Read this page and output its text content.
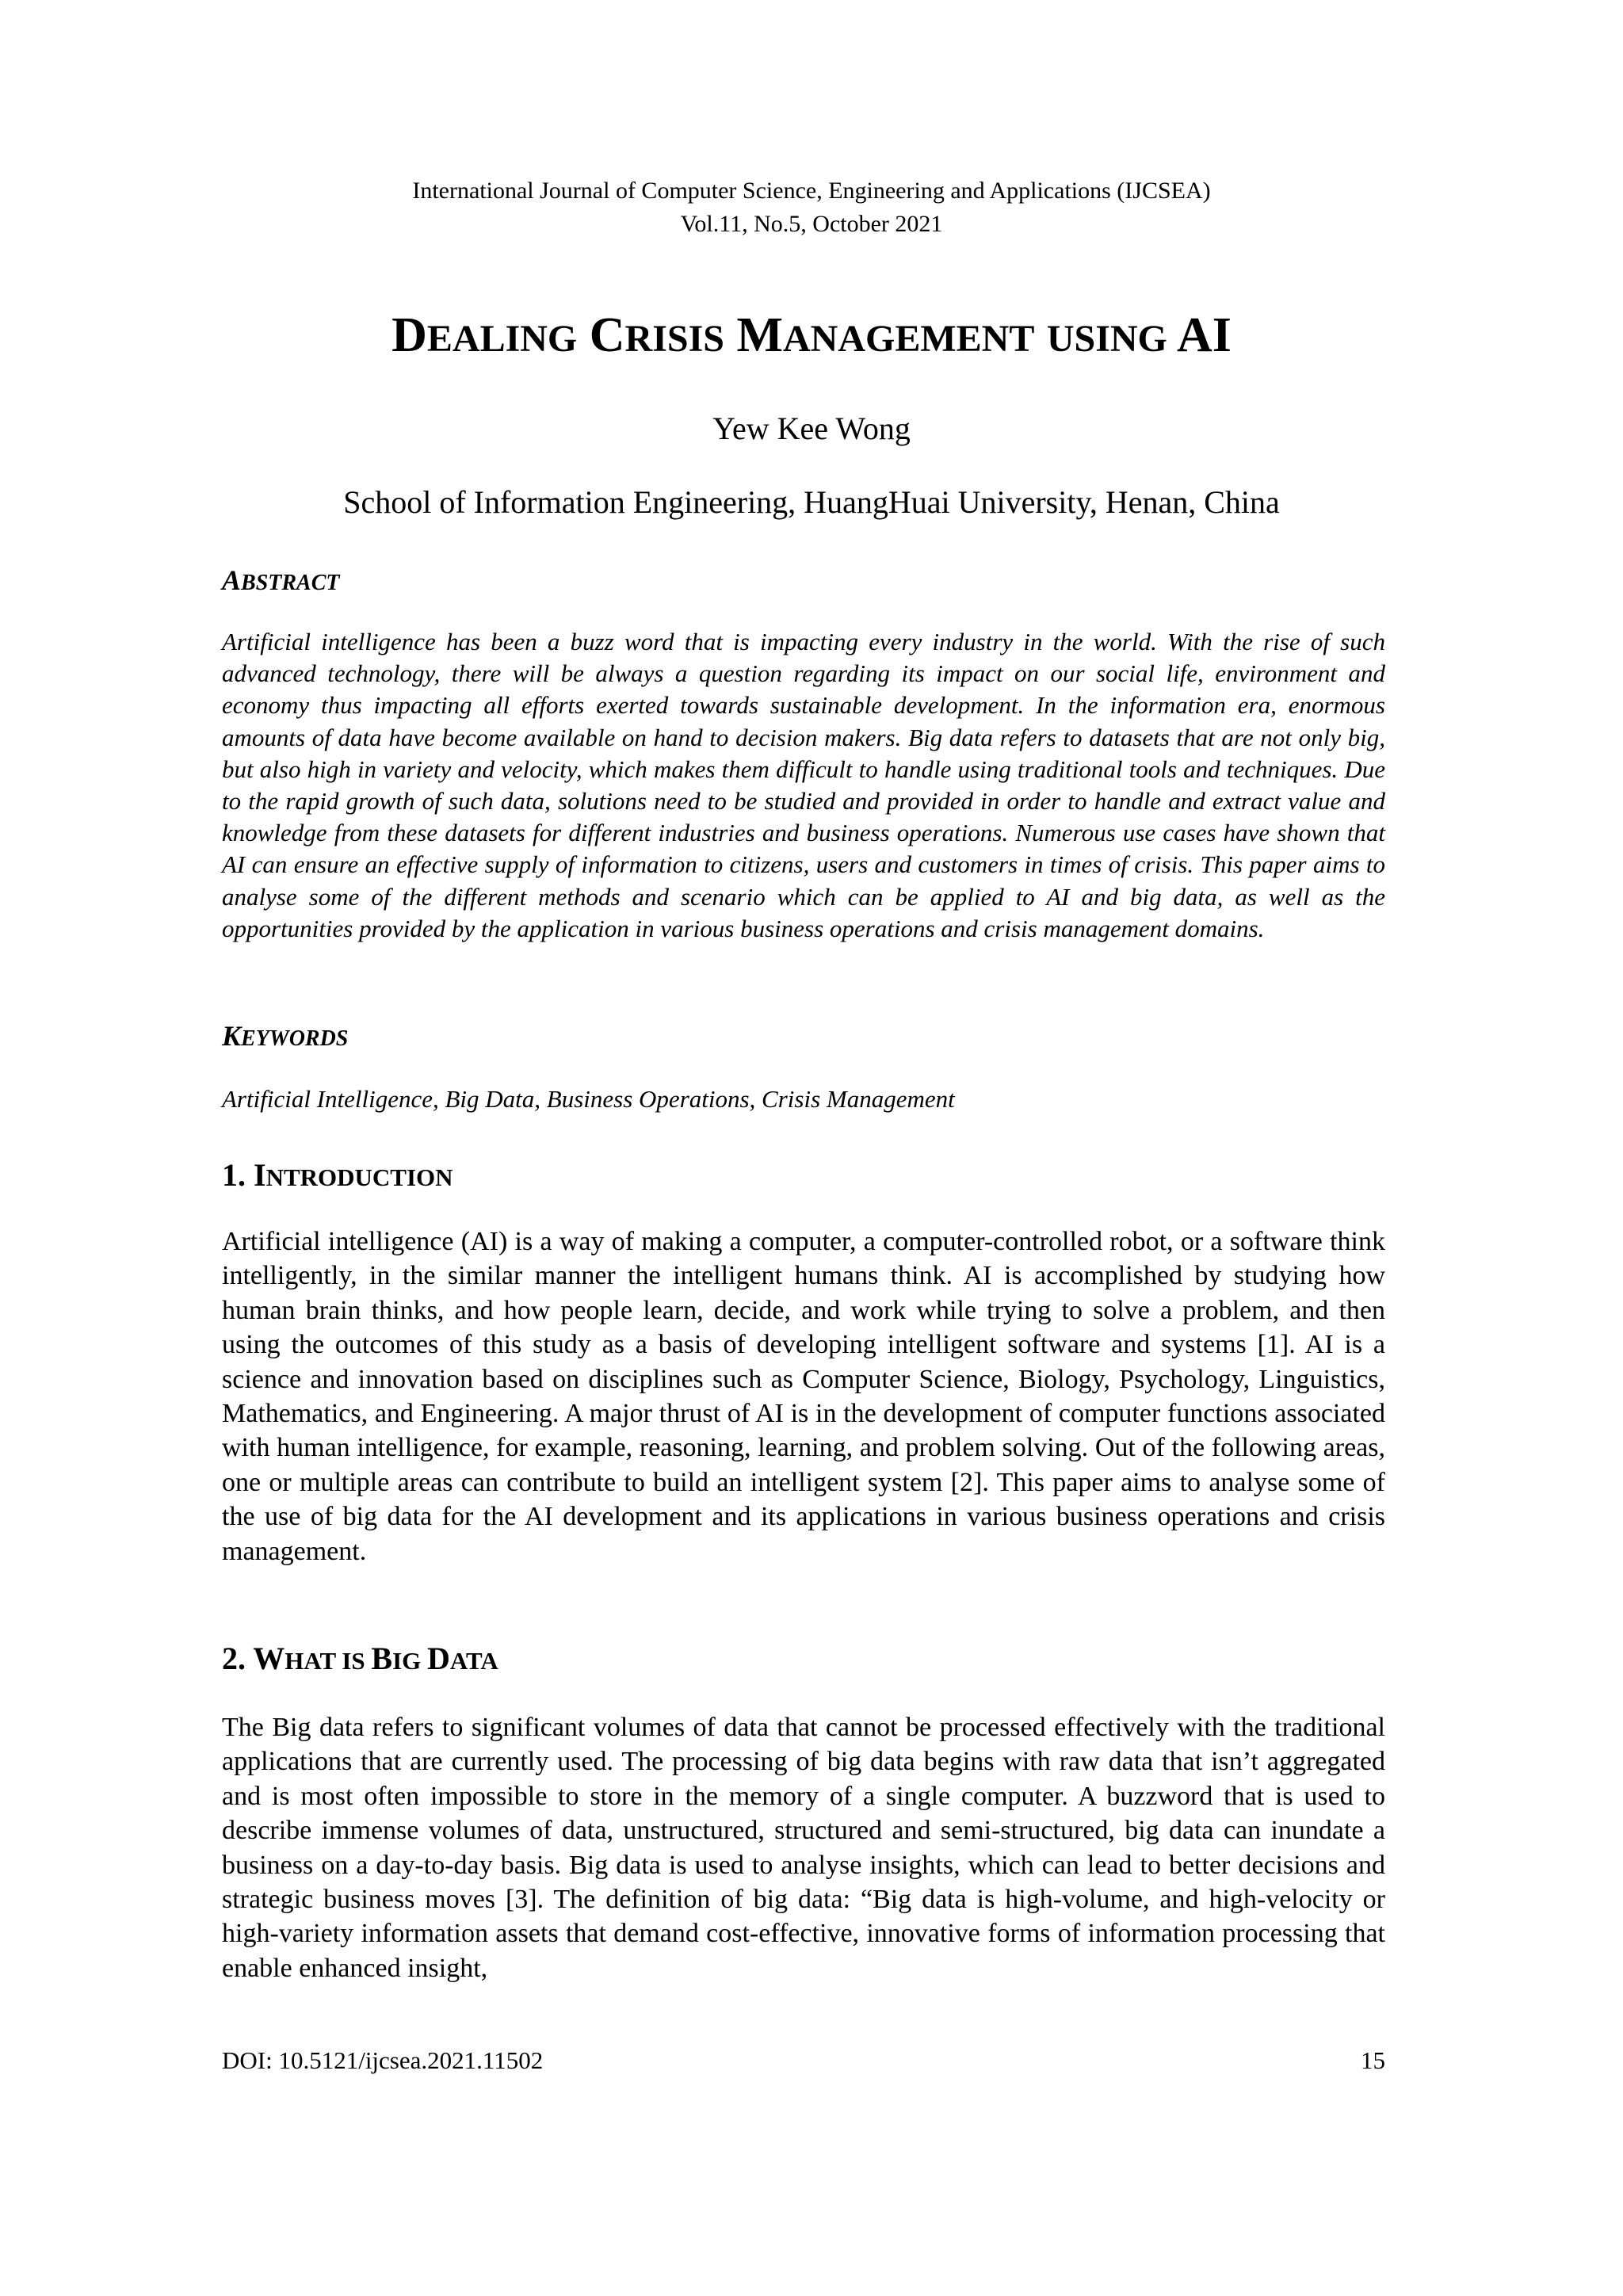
International Journal of Computer Science, Engineering and Applications (IJCSEA)
Vol.11, No.5, October 2021
DEALING CRISIS MANAGEMENT USING AI
Yew Kee Wong
School of Information Engineering, HuangHuai University, Henan, China
ABSTRACT
Artificial intelligence has been a buzz word that is impacting every industry in the world. With the rise of such advanced technology, there will be always a question regarding its impact on our social life, environment and economy thus impacting all efforts exerted towards sustainable development. In the information era, enormous amounts of data have become available on hand to decision makers. Big data refers to datasets that are not only big, but also high in variety and velocity, which makes them difficult to handle using traditional tools and techniques. Due to the rapid growth of such data, solutions need to be studied and provided in order to handle and extract value and knowledge from these datasets for different industries and business operations. Numerous use cases have shown that AI can ensure an effective supply of information to citizens, users and customers in times of crisis. This paper aims to analyse some of the different methods and scenario which can be applied to AI and big data, as well as the opportunities provided by the application in various business operations and crisis management domains.
KEYWORDS
Artificial Intelligence, Big Data, Business Operations, Crisis Management
1. INTRODUCTION
Artificial intelligence (AI) is a way of making a computer, a computer-controlled robot, or a software think intelligently, in the similar manner the intelligent humans think. AI is accomplished by studying how human brain thinks, and how people learn, decide, and work while trying to solve a problem, and then using the outcomes of this study as a basis of developing intelligent software and systems [1]. AI is a science and innovation based on disciplines such as Computer Science, Biology, Psychology, Linguistics, Mathematics, and Engineering. A major thrust of AI is in the development of computer functions associated with human intelligence, for example, reasoning, learning, and problem solving. Out of the following areas, one or multiple areas can contribute to build an intelligent system [2]. This paper aims to analyse some of the use of big data for the AI development and its applications in various business operations and crisis management.
2. WHAT IS BIG DATA
The Big data refers to significant volumes of data that cannot be processed effectively with the traditional applications that are currently used. The processing of big data begins with raw data that isn’t aggregated and is most often impossible to store in the memory of a single computer. A buzzword that is used to describe immense volumes of data, unstructured, structured and semi-structured, big data can inundate a business on a day-to-day basis. Big data is used to analyse insights, which can lead to better decisions and strategic business moves [3]. The definition of big data: “Big data is high-volume, and high-velocity or high-variety information assets that demand cost-effective, innovative forms of information processing that enable enhanced insight,
DOI: 10.5121/ijcsea.2021.11502	15
